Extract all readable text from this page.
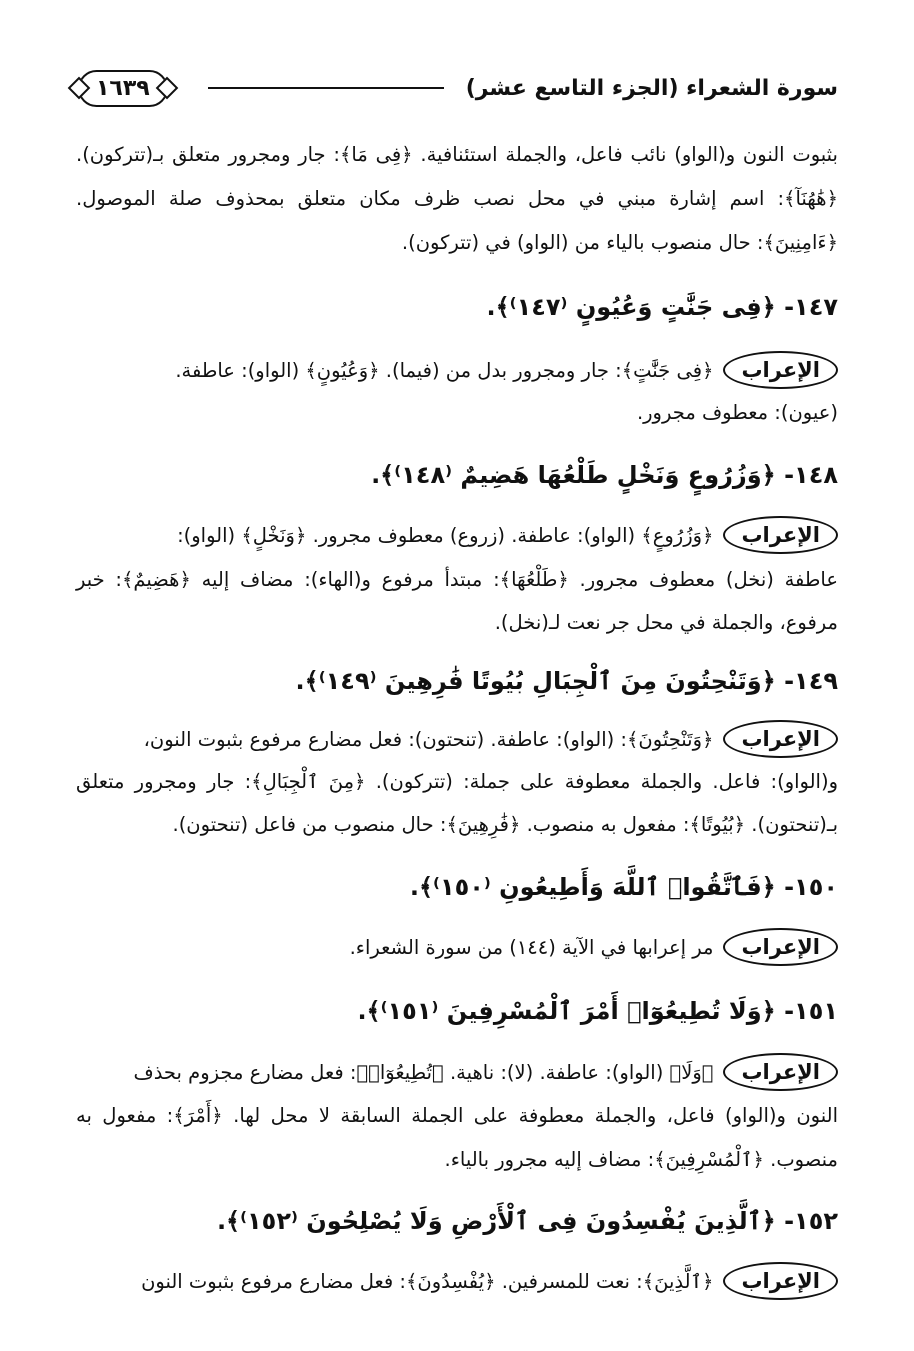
سورة الشعراء (الجزء التاسع عشر)
١٦٣٩
بثبوت النون و(الواو) نائب فاعل، والجملة استئنافية. ﴿فِى مَا﴾: جار ومجرور متعلق بـ(تتركون).
﴿هَٰهُنَآ﴾: اسم إشارة مبني في محل نصب ظرف مكان متعلق بمحذوف صلة الموصول.
﴿ءَامِنِينَ﴾: حال منصوب بالياء من (الواو) في (تتركون).
١٤٧- ﴿فِى جَنَّٰتٍ وَعُيُونٍ ⁽١٤٧⁾﴾.
الإعراب﴿فِى جَنَّٰتٍ﴾: جار ومجرور بدل من (فيما). ﴿وَعُيُونٍ﴾ (الواو): عاطفة.
(عيون): معطوف مجرور.
١٤٨- ﴿وَزُرُوعٍ وَنَخْلٍ طَلْعُهَا هَضِيمٌ ⁽١٤٨⁾﴾.
الإعراب﴿وَزُرُوعٍ﴾ (الواو): عاطفة. (زروع) معطوف مجرور. ﴿وَنَخْلٍ﴾ (الواو):
عاطفة (نخل) معطوف مجرور. ﴿طَلْعُهَا﴾: مبتدأ مرفوع و(الهاء): مضاف إليه ﴿هَضِيمٌ﴾: خبر
مرفوع، والجملة في محل جر نعت لـ(نخل).
١٤٩- ﴿وَتَنْحِتُونَ مِنَ ٱلْجِبَالِ بُيُوتًا فَٰرِهِينَ ⁽١٤٩⁾﴾.
الإعراب﴿وَتَنْحِتُونَ﴾: (الواو): عاطفة. (تنحتون): فعل مضارع مرفوع بثبوت النون،
و(الواو): فاعل. والجملة معطوفة على جملة: (تتركون). ﴿مِنَ ٱلْجِبَالِ﴾: جار ومجرور متعلق
بـ(تنحتون). ﴿بُيُوتًا﴾: مفعول به منصوب. ﴿فَٰرِهِينَ﴾: حال منصوب من فاعل (تنحتون).
١٥٠- ﴿فَٱتَّقُوا۟ ٱللَّهَ وَأَطِيعُونِ ⁽١٥٠⁾﴾.
الإعرابمر إعرابها في الآية (١٤٤) من سورة الشعراء.
١٥١- ﴿وَلَا تُطِيعُوٓا۟ أَمْرَ ٱلْمُسْرِفِينَ ⁽١٥١⁾﴾.
الإعراب﴿وَلَا﴾ (الواو): عاطفة. (لا): ناهية. ﴿تُطِيعُوٓا۟﴾: فعل مضارع مجزوم بحذف
النون و(الواو) فاعل، والجملة معطوفة على الجملة السابقة لا محل لها. ﴿أَمْرَ﴾: مفعول به
منصوب. ﴿ٱلْمُسْرِفِينَ﴾: مضاف إليه مجرور بالياء.
١٥٢- ﴿ٱلَّذِينَ يُفْسِدُونَ فِى ٱلْأَرْضِ وَلَا يُصْلِحُونَ ⁽١٥٢⁾﴾.
الإعراب﴿ٱلَّذِينَ﴾: نعت للمسرفين. ﴿يُفْسِدُونَ﴾: فعل مضارع مرفوع بثبوت النون
